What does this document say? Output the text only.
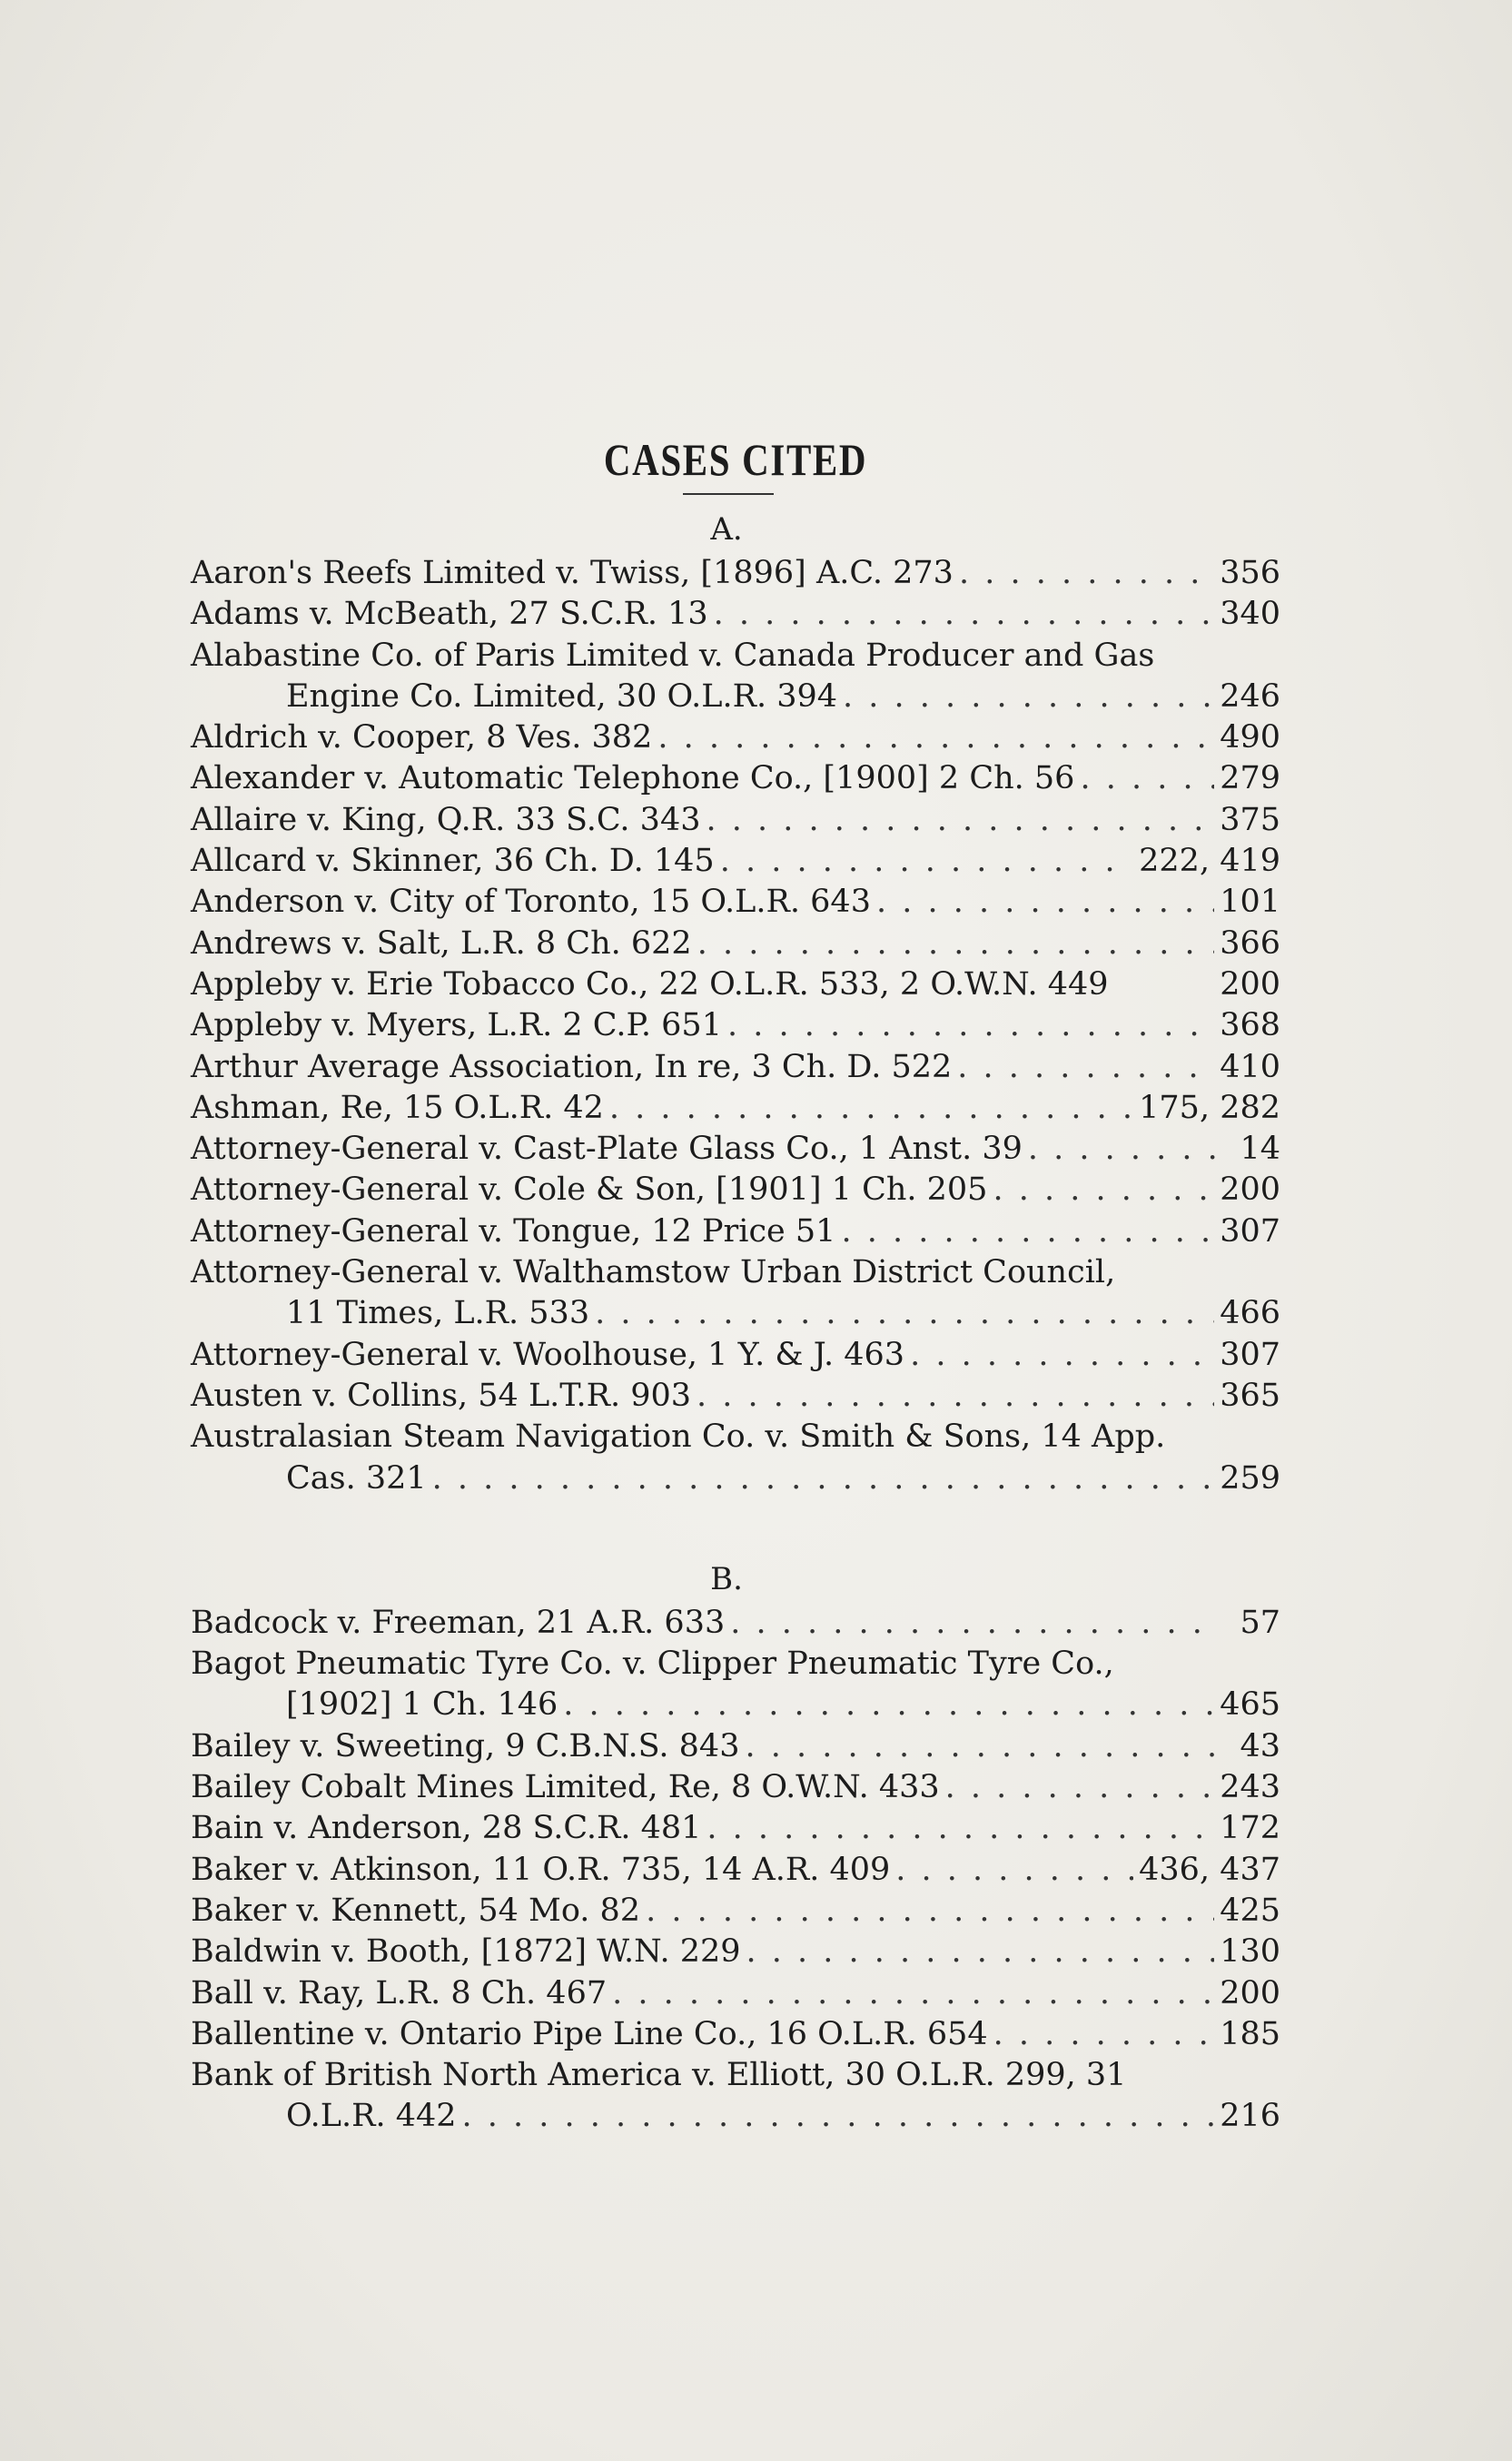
CASES CITED
A.
Aaron's Reefs Limited v. Twiss, [1896] A.C. 273 . . .	356
Adams v. McBeath, 27 S.C.R. 13 . . .	340
Alabastine Co. of Paris Limited v. Canada Producer and Gas
Engine Co. Limited, 30 O.L.R. 394 . . .	246
Aldrich v. Cooper, 8 Ves. 382 . . .	490
Alexander v. Automatic Telephone Co., [1900] 2 Ch. 56 . . .	279
Allaire v. King, Q.R. 33 S.C. 343 . . .	375
Allcard v. Skinner, 36 Ch. D. 145 . . .	222, 419
Anderson v. City of Toronto, 15 O.L.R. 643 . . .	101
Andrews v. Salt, L.R. 8 Ch. 622 . . .	366
Appleby v. Erie Tobacco Co., 22 O.L.R. 533, 2 O.W.N. 449	200
Appleby v. Myers, L.R. 2 C.P. 651 . . .	368
Arthur Average Association, In re, 3 Ch. D. 522 . . .	410
Ashman, Re, 15 O.L.R. 42 . . .	175, 282
Attorney-General v. Cast-Plate Glass Co., 1 Anst. 39 . . .	14
Attorney-General v. Cole & Son, [1901] 1 Ch. 205 . . .	200
Attorney-General v. Tongue, 12 Price 51 . . .	307
Attorney-General v. Walthamstow Urban District Council,
11 Times, L.R. 533 . . .	466
Attorney-General v. Woolhouse, 1 Y. & J. 463 . . .	307
Austen v. Collins, 54 L.T.R. 903 . . .	365
Australasian Steam Navigation Co. v. Smith & Sons, 14 App.
Cas. 321 . . .	259
B.
Badcock v. Freeman, 21 A.R. 633 . . .	57
Bagot Pneumatic Tyre Co. v. Clipper Pneumatic Tyre Co.,
[1902] 1 Ch. 146 . . .	465
Bailey v. Sweeting, 9 C.B.N.S. 843 . . .	43
Bailey Cobalt Mines Limited, Re, 8 O.W.N. 433 . . .	243
Bain v. Anderson, 28 S.C.R. 481 . . .	172
Baker v. Atkinson, 11 O.R. 735, 14 A.R. 409 . . .	436, 437
Baker v. Kennett, 54 Mo. 82 . . .	425
Baldwin v. Booth, [1872] W.N. 229 . . .	130
Ball v. Ray, L.R. 8 Ch. 467 . . .	200
Ballentine v. Ontario Pipe Line Co., 16 O.L.R. 654 . . .	185
Bank of British North America v. Elliott, 30 O.L.R. 299, 31
O.L.R. 442 . . .	216
